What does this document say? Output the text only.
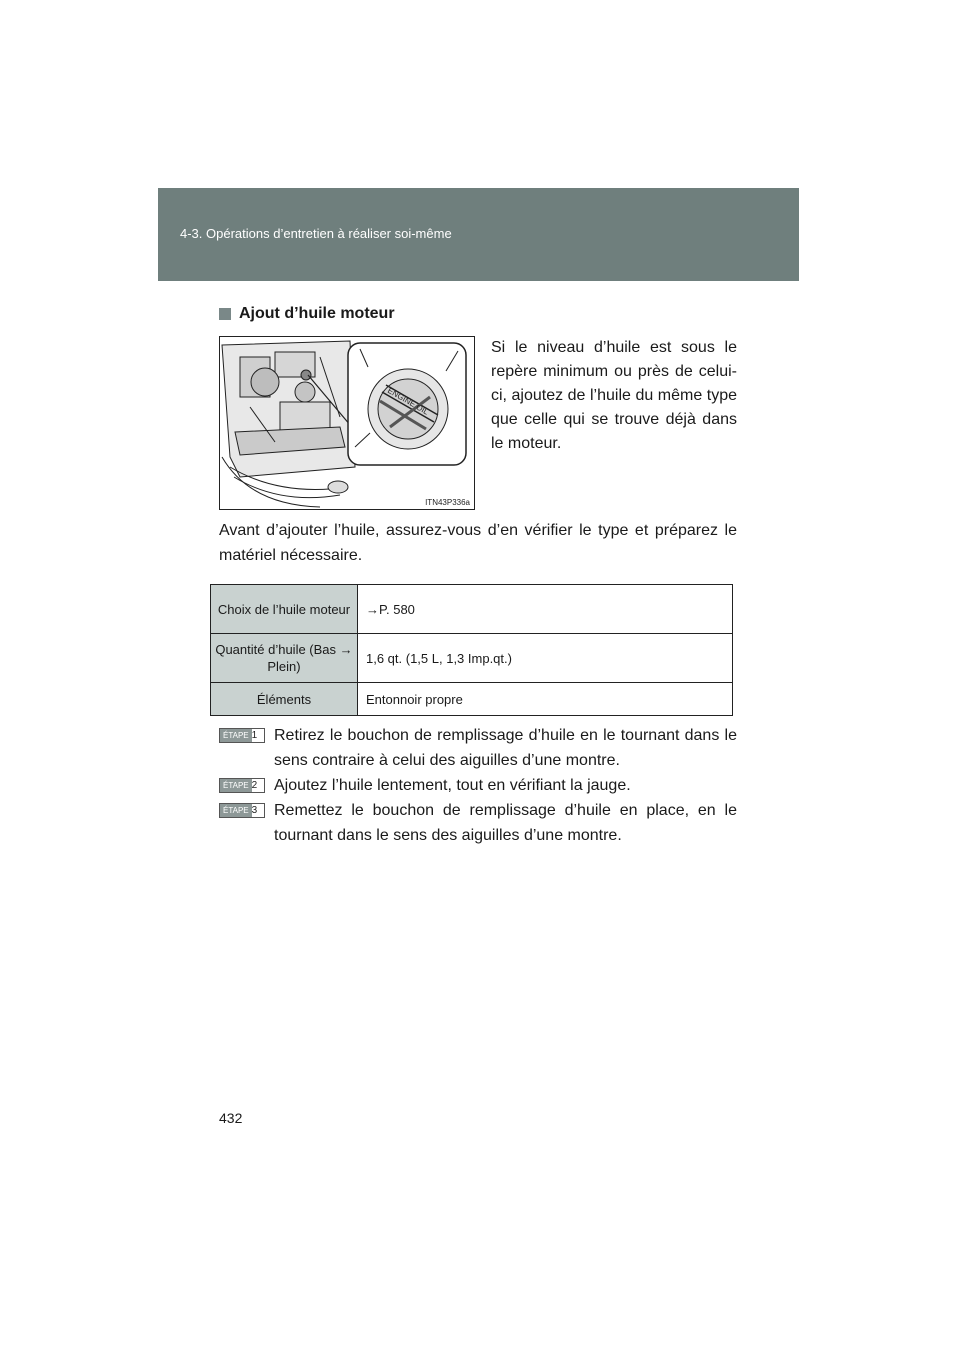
4-3. Opérations d’entretien à réaliser soi-même
Ajout d’huile moteur
ENGINE OIL
ITN43P336a
Si le niveau d’huile est sous le repère minimum ou près de celui-ci, ajoutez de l’huile du même type que celle qui se trouve déjà dans le moteur.
Avant d’ajouter l’huile, assurez-vous d’en vérifier le type et préparez le matériel nécessaire.
Choix de l’huile moteur	→P. 580
Quantité d’huile (Bas → Plein)	1,6 qt. (1,5 L, 1,3 Imp.qt.)
Éléments	Entonnoir propre
ÉTAPE 1	Retirez le bouchon de remplissage d’huile en le tournant dans le sens contraire à celui des aiguilles d’une montre.
ÉTAPE 2	Ajoutez l’huile lentement, tout en vérifiant la jauge.
ÉTAPE 3	Remettez le bouchon de remplissage d’huile en place, en le tournant dans le sens des aiguilles d’une montre.
432
